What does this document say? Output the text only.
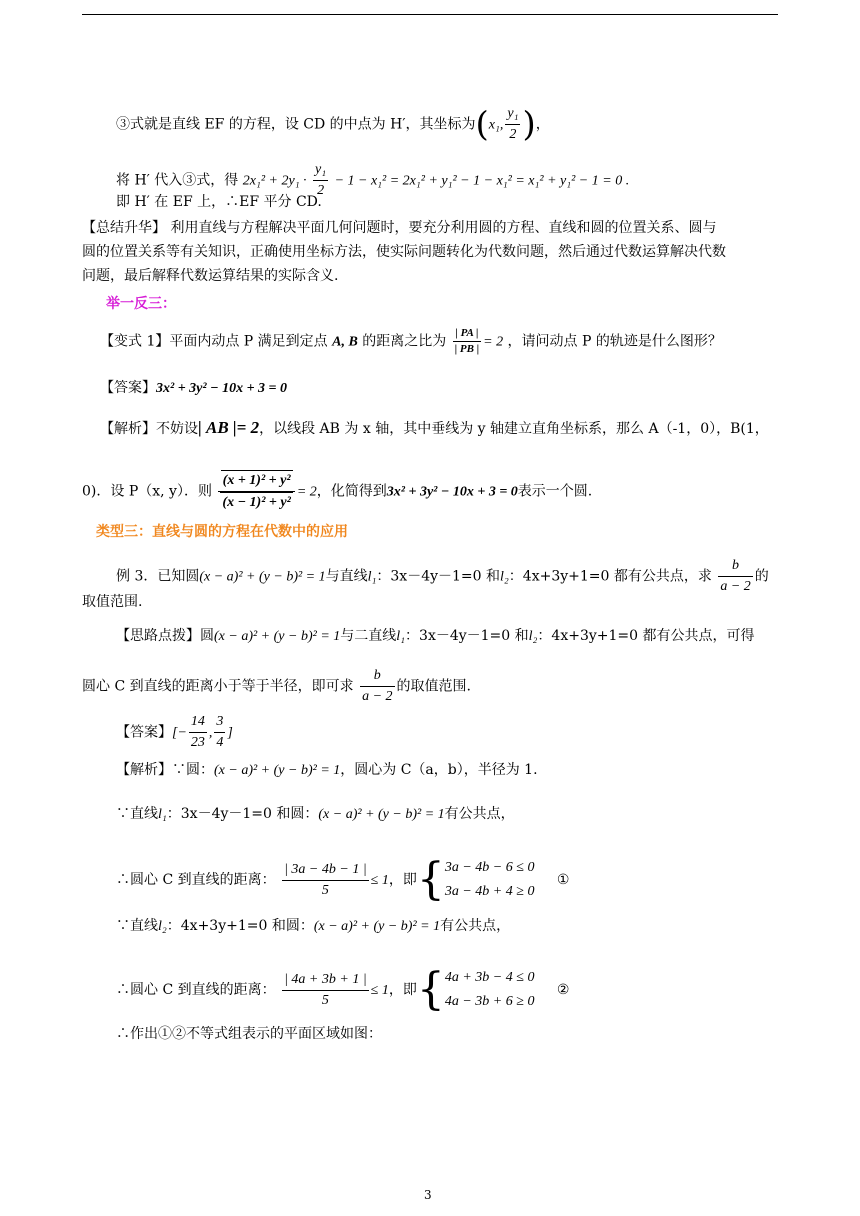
③式就是直线 EF 的方程，设 CD 的中点为 H′，其坐标为(x₁, $\frac{\text{y₁}}{2}$ )，
将 H′ 代入③式，得 $2x_1^2 + 2y_1 \cdot \frac{\text{y₁}}{2} - 1 - x_1^2 = 2x_1^2 + y_1^2 - 1 - x_1^2 = x_1^2 + y_1^2 - 1 = 0$ .
即 H′ 在 EF 上，∴EF 平分 CD.
【总结升华】 利用直线与方程解决平面几何问题时，要充分利用圆的方程、直线和圆的位置关系、圆与
圆的位置关系等有关知识，正确使用坐标方法，使实际问题转化为代数问题，然后通过代数运算解决代数
问题，最后解释代数运算结果的实际含义.
举一反三：
【变式 1】平面内动点 P 满足到定点 A, B 的距离之比为 $\frac{| PA |}{| PB |} = 2$ ，请问动点 P 的轨迹是什么图形？
【答案】3x² + 3y² − 10x + 3 = 0
【解析】不妨设| AB |= 2，以线段 AB 为 x 轴，其中垂线为 y 轴建立直角坐标系，那么 A（-1，0），B(1，
0)．设 P（x, y）．则 $\frac{\text{(x + 1)² + y²}}{\text{(x − 1)² + y²}} = 2$，化简得到3x² + 3y² − 10x + 3 = 0表示一个圆.
类型三：直线与圆的方程在代数中的应用
例 3．已知圆(x − a)² + (y − b)² = 1与直线l₁：3x－4y－1=0 和l₂：4x+3y+1=0 都有公共点，求 $\frac{b}{a - 2}$ 的
取值范围.
【思路点拨】圆(x − a)² + (y − b)² = 1与二直线l₁：3x－4y－1=0 和l₂：4x+3y+1=0 都有公共点，可得
圆心 C 到直线的距离小于等于半径，即可求 $\frac{b}{a - 2}$ 的取值范围.
【答案】[− $\frac{14}{23}$ , $\frac{3}{4}$ ]
【解析】∵圆：(x − a)² + (y − b)² = 1，圆心为 C（a，b），半径为 1.
∵直线l₁：3x－4y－1=0 和圆：(x − a)² + (y − b)² = 1有公共点，
∴圆心 C 到直线的距离： $\frac{| 3a - 4b - 1 |}{5} \le 1$，即{ 3a − 4b − 6 ≤ 0
3a − 4b + 4 ≥ 0
①
∵直线l₂：4x+3y+1=0 和圆：(x − a)² + (y − b)² = 1有公共点，
∴圆心 C 到直线的距离： $\frac{| 4a + 3b + 1 |}{5} \le 1$，即{ 4a + 3b − 4 ≤ 0
4a − 3b + 6 ≥ 0
②
∴作出①②不等式组表示的平面区域如图：
3
